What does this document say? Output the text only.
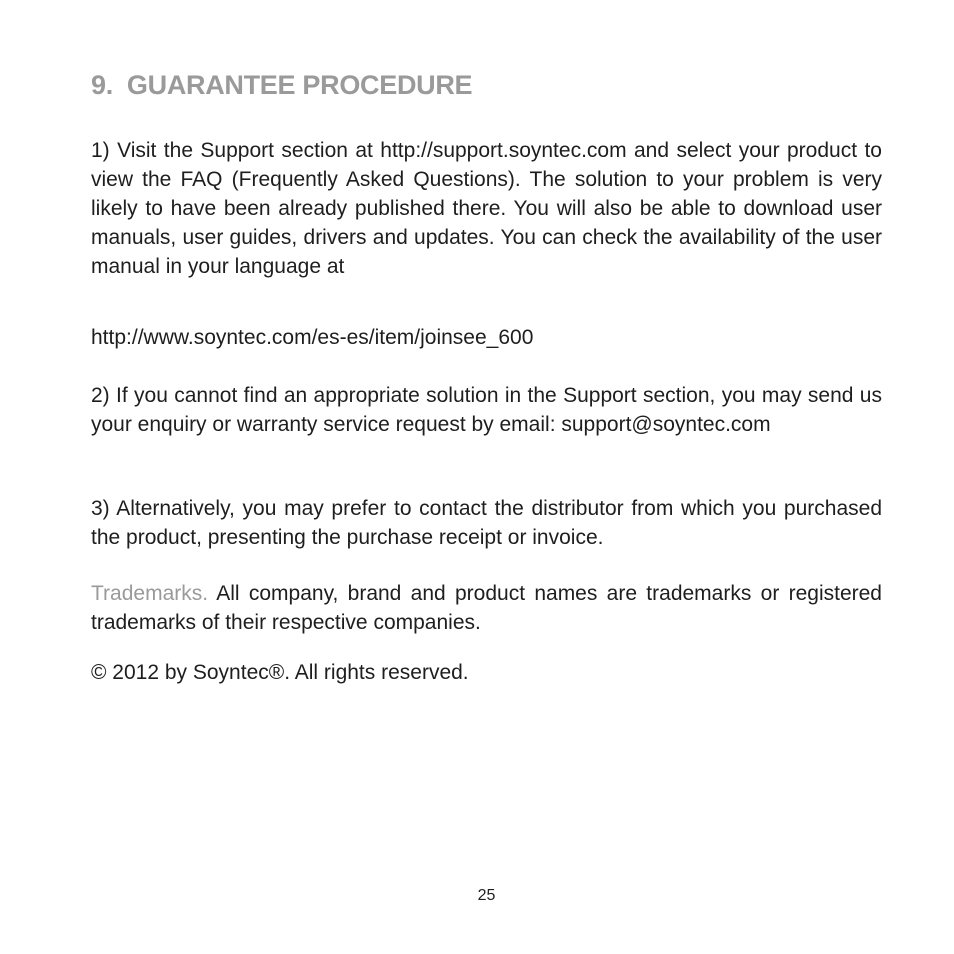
9. GUARANTEE PROCEDURE

1) Visit the Support section at http://support.soyntec.com and select your product to view the FAQ (Frequently Asked Questions). The solution to your problem is very likely to have been already published there. You will also be able to download user manuals, user guides, drivers and updates. You can check the availability of the user manual in your language at

http://www.soyntec.com/es-es/item/joinsee_600

2) If you cannot find an appropriate solution in the Support section, you may send us your enquiry or warranty service request by email: support@soyntec.com

3) Alternatively, you may prefer to contact the distributor from which you purchased the product, presenting the purchase receipt or invoice.

Trademarks. All company, brand and product names are trademarks or registered trademarks of their respective companies.

© 2012 by Soyntec®. All rights reserved.

25
